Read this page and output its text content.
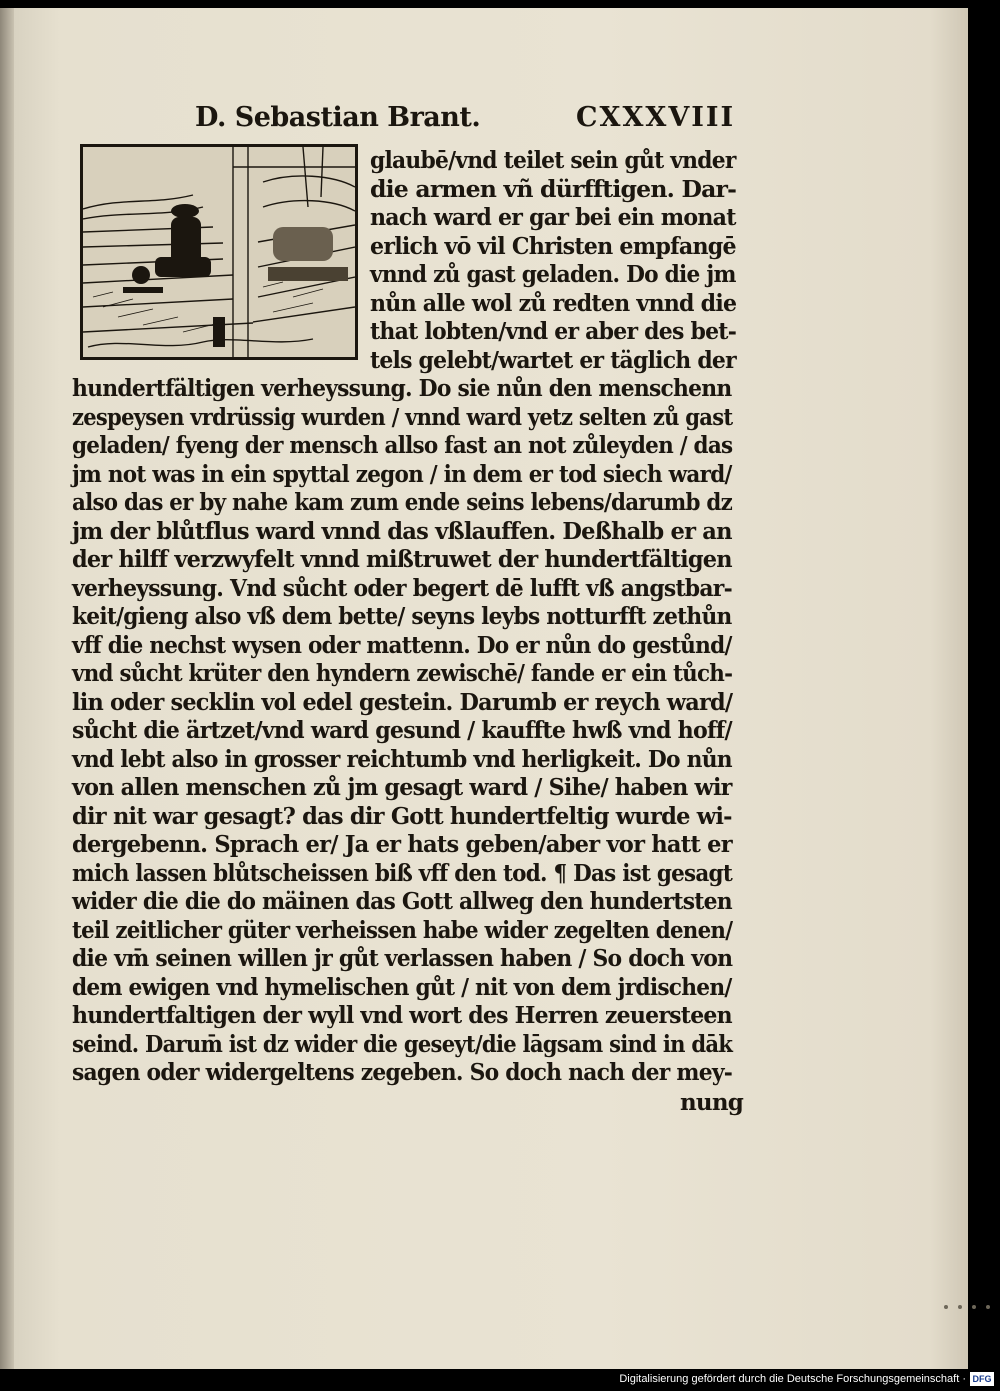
D. Sebastian Brant.	CXXXVIII
glaubē/vnd teilet sein gůt vnder
die armen vñ dürfftigen. Dar-
nach ward er gar bei ein monat
erlich vō vil Christen empfangē
vnnd zů gast geladen. Do die jm
nůn alle wol zů redten vnnd die
that lobten/vnd er aber des bet-
tels gelebt/wartet er täglich der
hundertfältigen verheyssung. Do sie nůn den menschenn
zespeysen vrdrüssig wurden / vnnd ward yetz selten zů gast
geladen/ fyeng der mensch allso fast an not zůleyden / das
jm not was in ein spyttal zegon / in dem er tod siech ward/
also das er by nahe kam zum ende seins lebens/darumb dz
jm der blůtflus ward vnnd das vßlauffen. Deßhalb er an
der hilff verzwyfelt vnnd mißtruwet der hundertfältigen
verheyssung. Vnd sůcht oder begert dē lufft vß angstbar-
keit/gieng also vß dem bette/ seyns leybs notturfft zethůn
vff die nechst wysen oder mattenn. Do er nůn do gestůnd/
vnd sůcht krüter den hyndern zewischē/ fande er ein tůch-
lin oder secklin vol edel gestein. Darumb er reych ward/
sůcht die ärtzet/vnd ward gesund / kauffte hwß vnd hoff/
vnd lebt also in grosser reichtumb vnd herligkeit. Do nůn
von allen menschen zů jm gesagt ward / Sihe/ haben wir
dir nit war gesagt? das dir Gott hundertfeltig wurde wi-
dergebenn. Sprach er/ Ja er hats geben/aber vor hatt er
mich lassen blůtscheissen biß vff den tod. ¶ Das ist gesagt
wider die die do mäinen das Gott allweg den hundertsten
teil zeitlicher güter verheissen habe wider zegelten denen/
die vm̄ seinen willen jr gůt verlassen haben / So doch von
dem ewigen vnd hymelischen gůt / nit von dem jrdischen/
hundertfaltigen der wyll vnd wort des Herren zeuersteen
seind. Darum̄ ist dz wider die geseyt/die lāgsam sind in dāk
sagen oder widergeltens zegeben. So doch nach der mey-
nung
Digitalisierung gefördert durch die Deutsche Forschungsgemeinschaft · DFG
